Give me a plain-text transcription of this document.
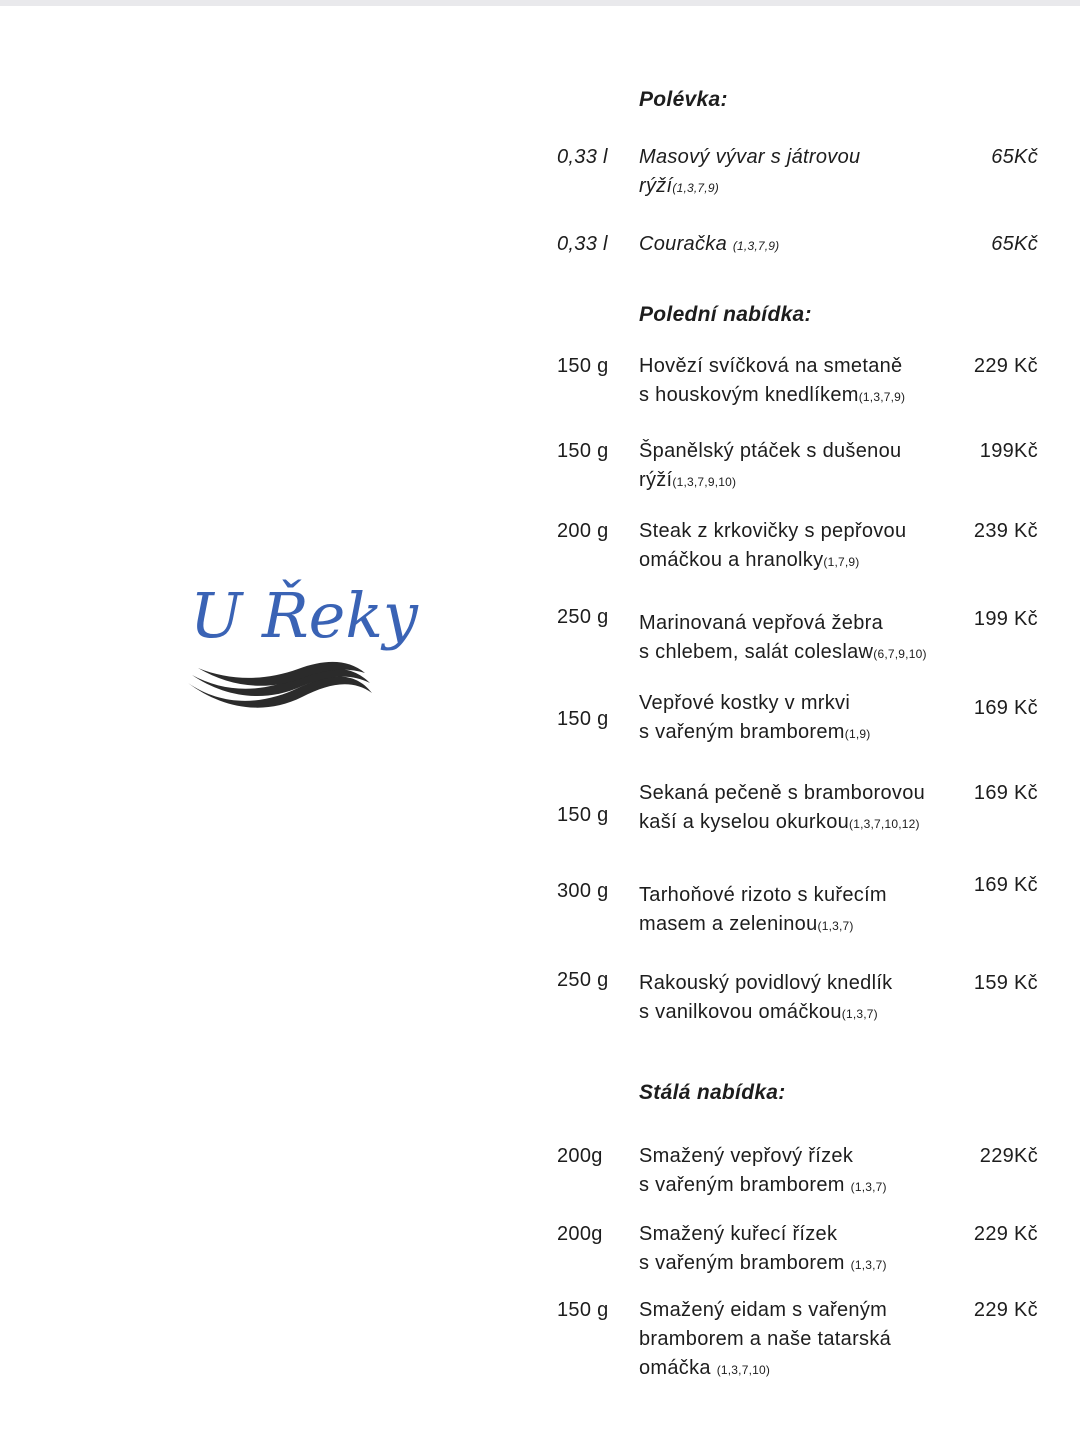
U Řeky
Polévka:
0,33 l Masový vývar s játrovou
rýží(1,3,7,9)
65Kč
0,33 l Couračka (1,3,7,9)	65Kč
Polední nabídka:
150 g Hovězí svíčková na smetaně
s houskovým knedlíkem(1,3,7,9)
229 Kč
150 g Španělský ptáček s dušenou
rýží(1,3,7,9,10)
199Kč
200 g Steak z krkovičky s pepřovou
omáčkou a hranolky(1,7,9)
239 Kč
250 g Marinovaná vepřová žebra
s chlebem, salát coleslaw(6,7,9,10)
199 Kč
150 g
Vepřové kostky v mrkvi
s vařeným bramborem(1,9)
169 Kč
150 g
Sekaná pečeně s bramborovou
kaší a kyselou okurkou(1,3,7,10,12)
169 Kč
300 g Tarhoňové rizoto s kuřecím
masem a zeleninou(1,3,7)
169 Kč
250 g Rakouský povidlový knedlík
s vanilkovou omáčkou(1,3,7)
159 Kč
Stálá nabídka:
200g Smažený vepřový řízek
s vařeným bramborem (1,3,7)
229Kč
200g Smažený kuřecí řízek
s vařeným bramborem (1,3,7)
229 Kč
150 g Smažený eidam s vařeným
bramborem a naše tatarská
omáčka (1,3,7,10)
229 Kč
